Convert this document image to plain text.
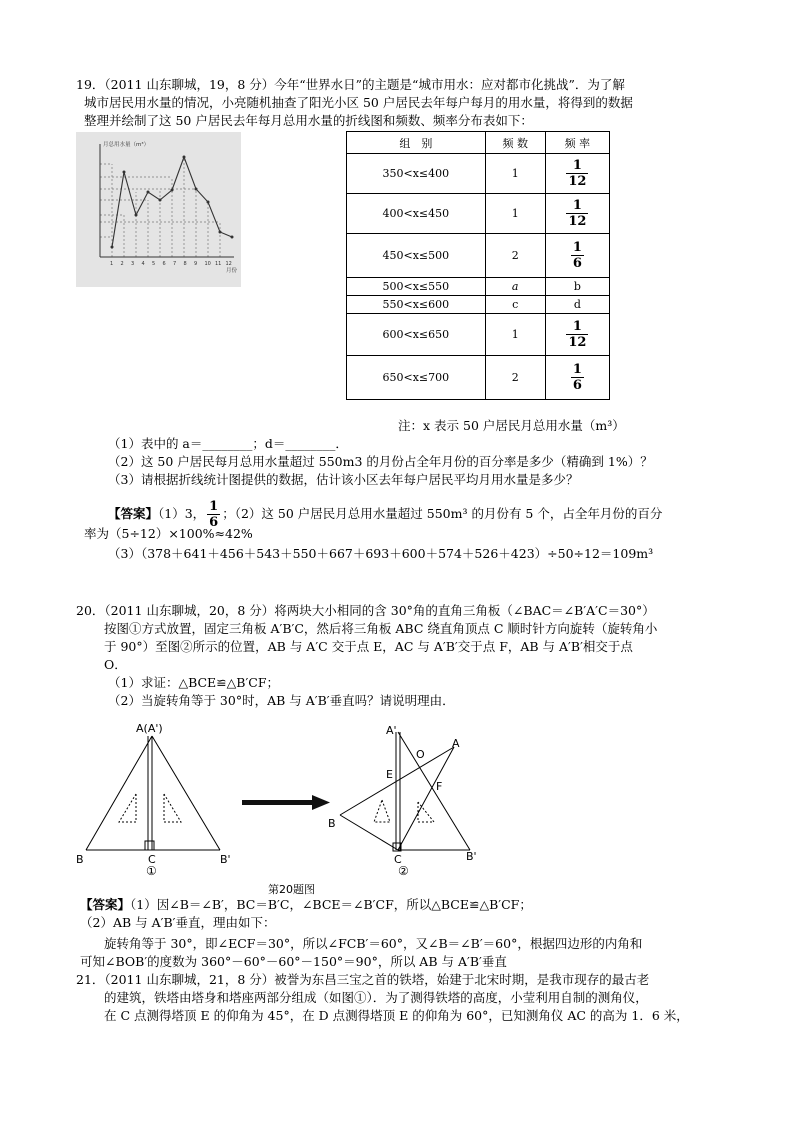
19．（2011 山东聊城，19，8 分）今年“世界水日”的主题是“城市用水：应对都市化挑战”．为了解
城市居民用水量的情况，小亮随机抽查了阳光小区 50 户居民去年每户每月的用水量，将得到的数据
整理并绘制了这 50 户居民去年每月总用水量的折线图和频数、频率分布表如下：
月总用水量（m³）
月份
1 2 3 4 5 6 7 8 9 10 11 12
组　别	频 数	频 率
350<x≤400	1	$\frac{1}{12}$

400<x≤450	1	$\frac{1}{12}$

450<x≤500	2	$\frac{1}{6}$

500<x≤550	a	b
550<x≤600	c	d
600<x≤650	1	$\frac{1}{12}$

650<x≤700	2	$\frac{1}{6}$
注：x 表示 50 户居民月总用水量（m³）
（1）表中的 a＝________；d＝________．
（2）这 50 户居民每月总用水量超过 550m3 的月份占全年月份的百分率是多少（精确到 1%）？
（3）请根据折线统计图提供的数据，估计该小区去年每户居民平均月用水量是多少？
【答案】（1）3， $\frac{1}{6}$ ；（2）这 50 户居民月总用水量超过 550m³ 的月份有 5 个，占全年月份的百分
率为（5÷12）×100%≈42%
（3）（378＋641＋456＋543＋550＋667＋693＋600＋574＋526＋423）÷50÷12＝109m³
20．（2011 山东聊城，20，8 分）将两块大小相同的含 30°角的直角三角板（∠BAC＝∠B′A′C＝30°）
按图①方式放置，固定三角板 A′B′C，然后将三角板 ABC 绕直角顶点 C 顺时针方向旋转（旋转角小
于 90°）至图②所示的位置，AB 与 A′C 交于点 E，AC 与 A′B′交于点 F，AB 与 A′B′相交于点
O．
（1）求证：△BCE≌△B′CF；
（2）当旋转角等于 30°时，AB 与 A′B′垂直吗？请说明理由．
A(A')
B	C	B'
①
A'
O
A
E
F
B
C	B'
②
第20题图
【答案】（1）因∠B＝∠B′，BC＝B′C，∠BCE＝∠B′CF，所以△BCE≌△B′CF；
（2）AB 与 A′B′垂直，理由如下：
旋转角等于 30°，即∠ECF＝30°，所以∠FCB′＝60°，又∠B＝∠B′＝60°，根据四边形的内角和
可知∠BOB′的度数为 360°－60°－60°－150°＝90°，所以 AB 与 A′B′垂直
21．（2011 山东聊城，21，8 分）被誉为东昌三宝之首的铁塔，始建于北宋时期，是我市现存的最古老
的建筑，铁塔由塔身和塔座两部分组成（如图①）．为了测得铁塔的高度，小莹利用自制的测角仪，
在 C 点测得塔顶 E 的仰角为 45°，在 D 点测得塔顶 E 的仰角为 60°，已知测角仪 AC 的高为 1．6 米，
